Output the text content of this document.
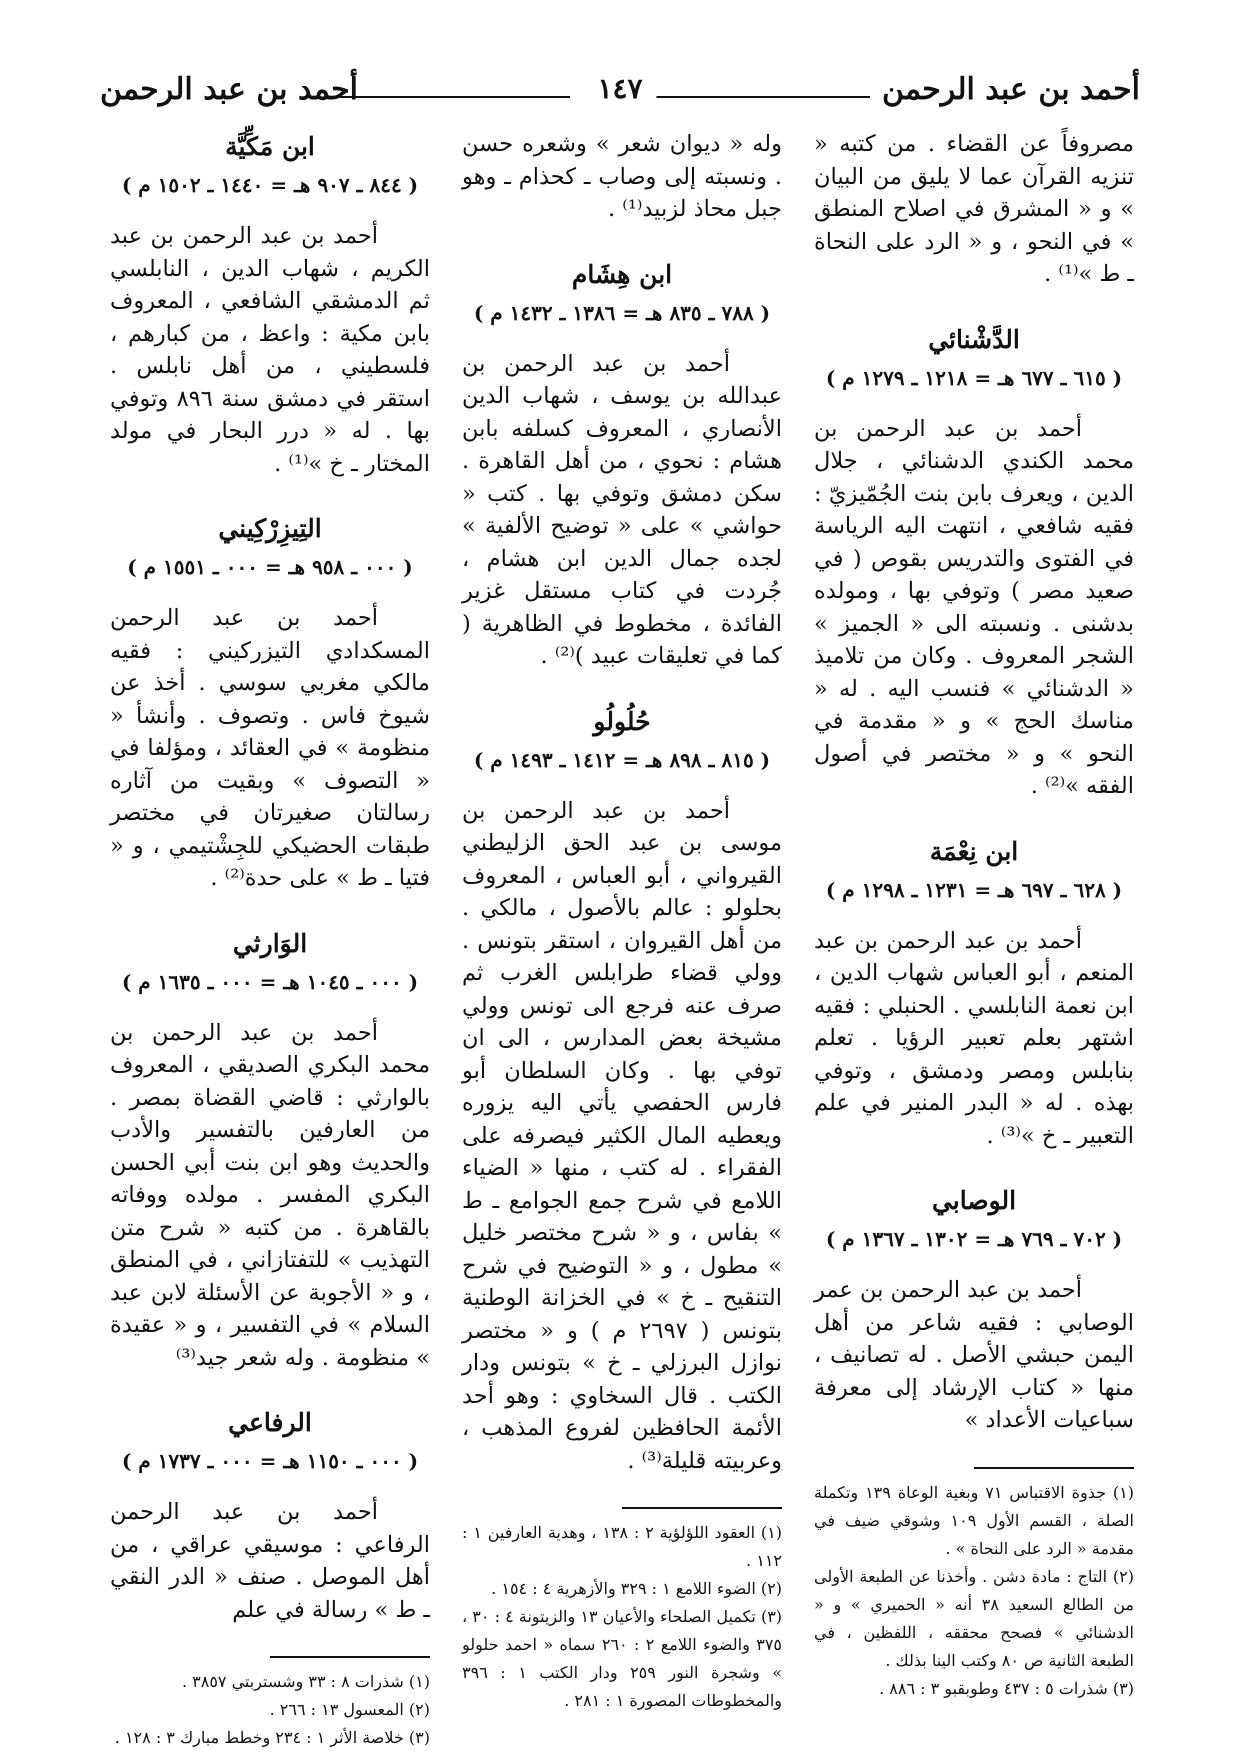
أحمد بن عبد الرحمن
١٤٧
أحمد بن عبد الرحمن

مصروفاً عن القضاء . من كتبه « تنزيه القرآن عما لا يليق من البيان » و « المشرق في اصلاح المنطق » في النحو ، و « الرد على النحاة ـ ط »⁽¹⁾ .

الدَّشْنائي

( ٦١٥ ـ ٦٧٧ هـ = ١٢١٨ ـ ١٢٧٩ م )

أحمد بن عبد الرحمن بن محمد الكندي الدشنائي ، جلال الدين ، ويعرف بابن بنت الجُمّيزيّ : فقيه شافعي ، انتهت اليه الرياسة في الفتوى والتدريس بقوص ( في صعيد مصر ) وتوفي بها ، ومولده بدشنى . ونسبته الى « الجميز » الشجر المعروف . وكان من تلاميذ « الدشنائي » فنسب اليه . له « مناسك الحج » و « مقدمة في النحو » و « مختصر في أصول الفقه »⁽²⁾ .

ابن نِعْمَة

( ٦٢٨ ـ ٦٩٧ هـ = ١٢٣١ ـ ١٢٩٨ م )

أحمد بن عبد الرحمن بن عبد المنعم ، أبو العباس شهاب الدين ، ابن نعمة النابلسي . الحنبلي : فقيه اشتهر بعلم تعبير الرؤيا . تعلم بنابلس ومصر ودمشق ، وتوفي بهذه . له « البدر المنير في علم التعبير ـ خ »⁽³⁾ .

الوصابي

( ٧٠٢ ـ ٧٦٩ هـ = ١٣٠٢ ـ ١٣٦٧ م )

أحمد بن عبد الرحمن بن عمر الوصابي : فقيه شاعر من أهل اليمن حبشي الأصل . له تصانيف ، منها « كتاب الإرشاد إلى معرفة سباعيات الأعداد »

(١) جذوة الاقتباس ٧١ وبغية الوعاة ١٣٩ وتكملة الصلة ، القسم الأول ١٠٩ وشوقي ضيف في مقدمة « الرد على النحاة » .

(٢) التاج : مادة دشن . وأخذنا عن الطبعة الأولى من الطالع السعيد ٣٨ أنه « الحميري » و « الدشنائي » فصحح محققه ، اللفظين ، في الطبعة الثانية ص ٨٠ وكتب الينا بذلك .

(٣) شذرات ٥ : ٤٣٧ وطوبقبو ٣ : ٨٨٦ .

وله « ديوان شعر » وشعره حسن . ونسبته إلى وصاب ـ كحذام ـ وهو جبل محاذ لزبيد⁽¹⁾ .

ابن هِشَام

( ٧٨٨ ـ ٨٣٥ هـ = ١٣٨٦ ـ ١٤٣٢ م )

أحمد بن عبد الرحمن بن عبدالله بن يوسف ، شهاب الدين الأنصاري ، المعروف كسلفه بابن هشام : نحوي ، من أهل القاهرة . سكن دمشق وتوفي بها . كتب « حواشي » على « توضيح الألفية » لجده جمال الدين ابن هشام ، جُردت في كتاب مستقل غزير الفائدة ، مخطوط في الظاهرية ( كما في تعليقات عبيد )⁽²⁾ .

حُلُولُو

( ٨١٥ ـ ٨٩٨ هـ = ١٤١٢ ـ ١٤٩٣ م )

أحمد بن عبد الرحمن بن موسى بن عبد الحق الزليطني القيرواني ، أبو العباس ، المعروف بحلولو : عالم بالأصول ، مالكي . من أهل القيروان ، استقر بتونس . وولي قضاء طرابلس الغرب ثم صرف عنه فرجع الى تونس وولي مشيخة بعض المدارس ، الى ان توفي بها . وكان السلطان أبو فارس الحفصي يأتي اليه يزوره ويعطيه المال الكثير فيصرفه على الفقراء . له كتب ، منها « الضياء اللامع في شرح جمع الجوامع ـ ط » بفاس ، و « شرح مختصر خليل » مطول ، و « التوضيح في شرح التنقيح ـ خ » في الخزانة الوطنية بتونس ( ٢٦٩٧ م ) و « مختصر نوازل البرزلي ـ خ » بتونس ودار الكتب . قال السخاوي : وهو أحد الأئمة الحافظين لفروع المذهب ، وعربيته قليلة⁽³⁾ .

(١) العقود اللؤلؤية ٢ : ١٣٨ ، وهدية العارفين ١ : ١١٢ .

(٢) الضوء اللامع ١ : ٣٢٩ والأزهرية ٤ : ١٥٤ .

(٣) تكميل الصلحاء والأعيان ١٣ والزيتونة ٤ : ٣٠ ، ٣٧٥ والضوء اللامع ٢ : ٢٦٠ سماه « احمد حلولو » وشجرة النور ٢٥٩ ودار الكتب ١ : ٣٩٦ والمخطوطات المصورة ١ : ٢٨١ .

ابن مَكِّيَّة

( ٨٤٤ ـ ٩٠٧ هـ = ١٤٤٠ ـ ١٥٠٢ م )

أحمد بن عبد الرحمن بن عبد الكريم ، شهاب الدين ، النابلسي ثم الدمشقي الشافعي ، المعروف بابن مكية : واعظ ، من كبارهم ، فلسطيني ، من أهل نابلس . استقر في دمشق سنة ٨٩٦ وتوفي بها . له « درر البحار في مولد المختار ـ خ »⁽¹⁾ .

التِيزِرْكِيني

( ٠٠٠ ـ ٩٥٨ هـ = ٠٠٠ ـ ١٥٥١ م )

أحمد بن عبد الرحمن المسكدادي التيزركيني : فقيه مالكي مغربي سوسي . أخذ عن شيوخ فاس . وتصوف . وأنشأ « منظومة » في العقائد ، ومؤلفا في « التصوف » وبقيت من آثاره رسالتان صغيرتان في مختصر طبقات الحضيكي للجِشْتيمي ، و « فتيا ـ ط » على حدة⁽²⁾ .

الوَارثي

( ٠٠٠ ـ ١٠٤٥ هـ = ٠٠٠ ـ ١٦٣٥ م )

أحمد بن عبد الرحمن بن محمد البكري الصديقي ، المعروف بالوارثي : قاضي القضاة بمصر . من العارفين بالتفسير والأدب والحديث وهو ابن بنت أبي الحسن البكري المفسر . مولده ووفاته بالقاهرة . من كتبه « شرح متن التهذيب » للتفتازاني ، في المنطق ، و « الأجوبة عن الأسئلة لابن عبد السلام » في التفسير ، و « عقيدة » منظومة . وله شعر جيد⁽³⁾

الرفاعي

( ٠٠٠ ـ ١١٥٠ هـ = ٠٠٠ ـ ١٧٣٧ م )

أحمد بن عبد الرحمن الرفاعي : موسيقي عراقي ، من أهل الموصل . صنف « الدر النقي ـ ط » رسالة في علم

(١) شذرات ٨ : ٣٣ وشستربتي ٣٨٥٧ .

(٢) المعسول ١٣ : ٢٦٦ .

(٣) خلاصة الأثر ١ : ٢٣٤ وخطط مبارك ٣ : ١٢٨ .
